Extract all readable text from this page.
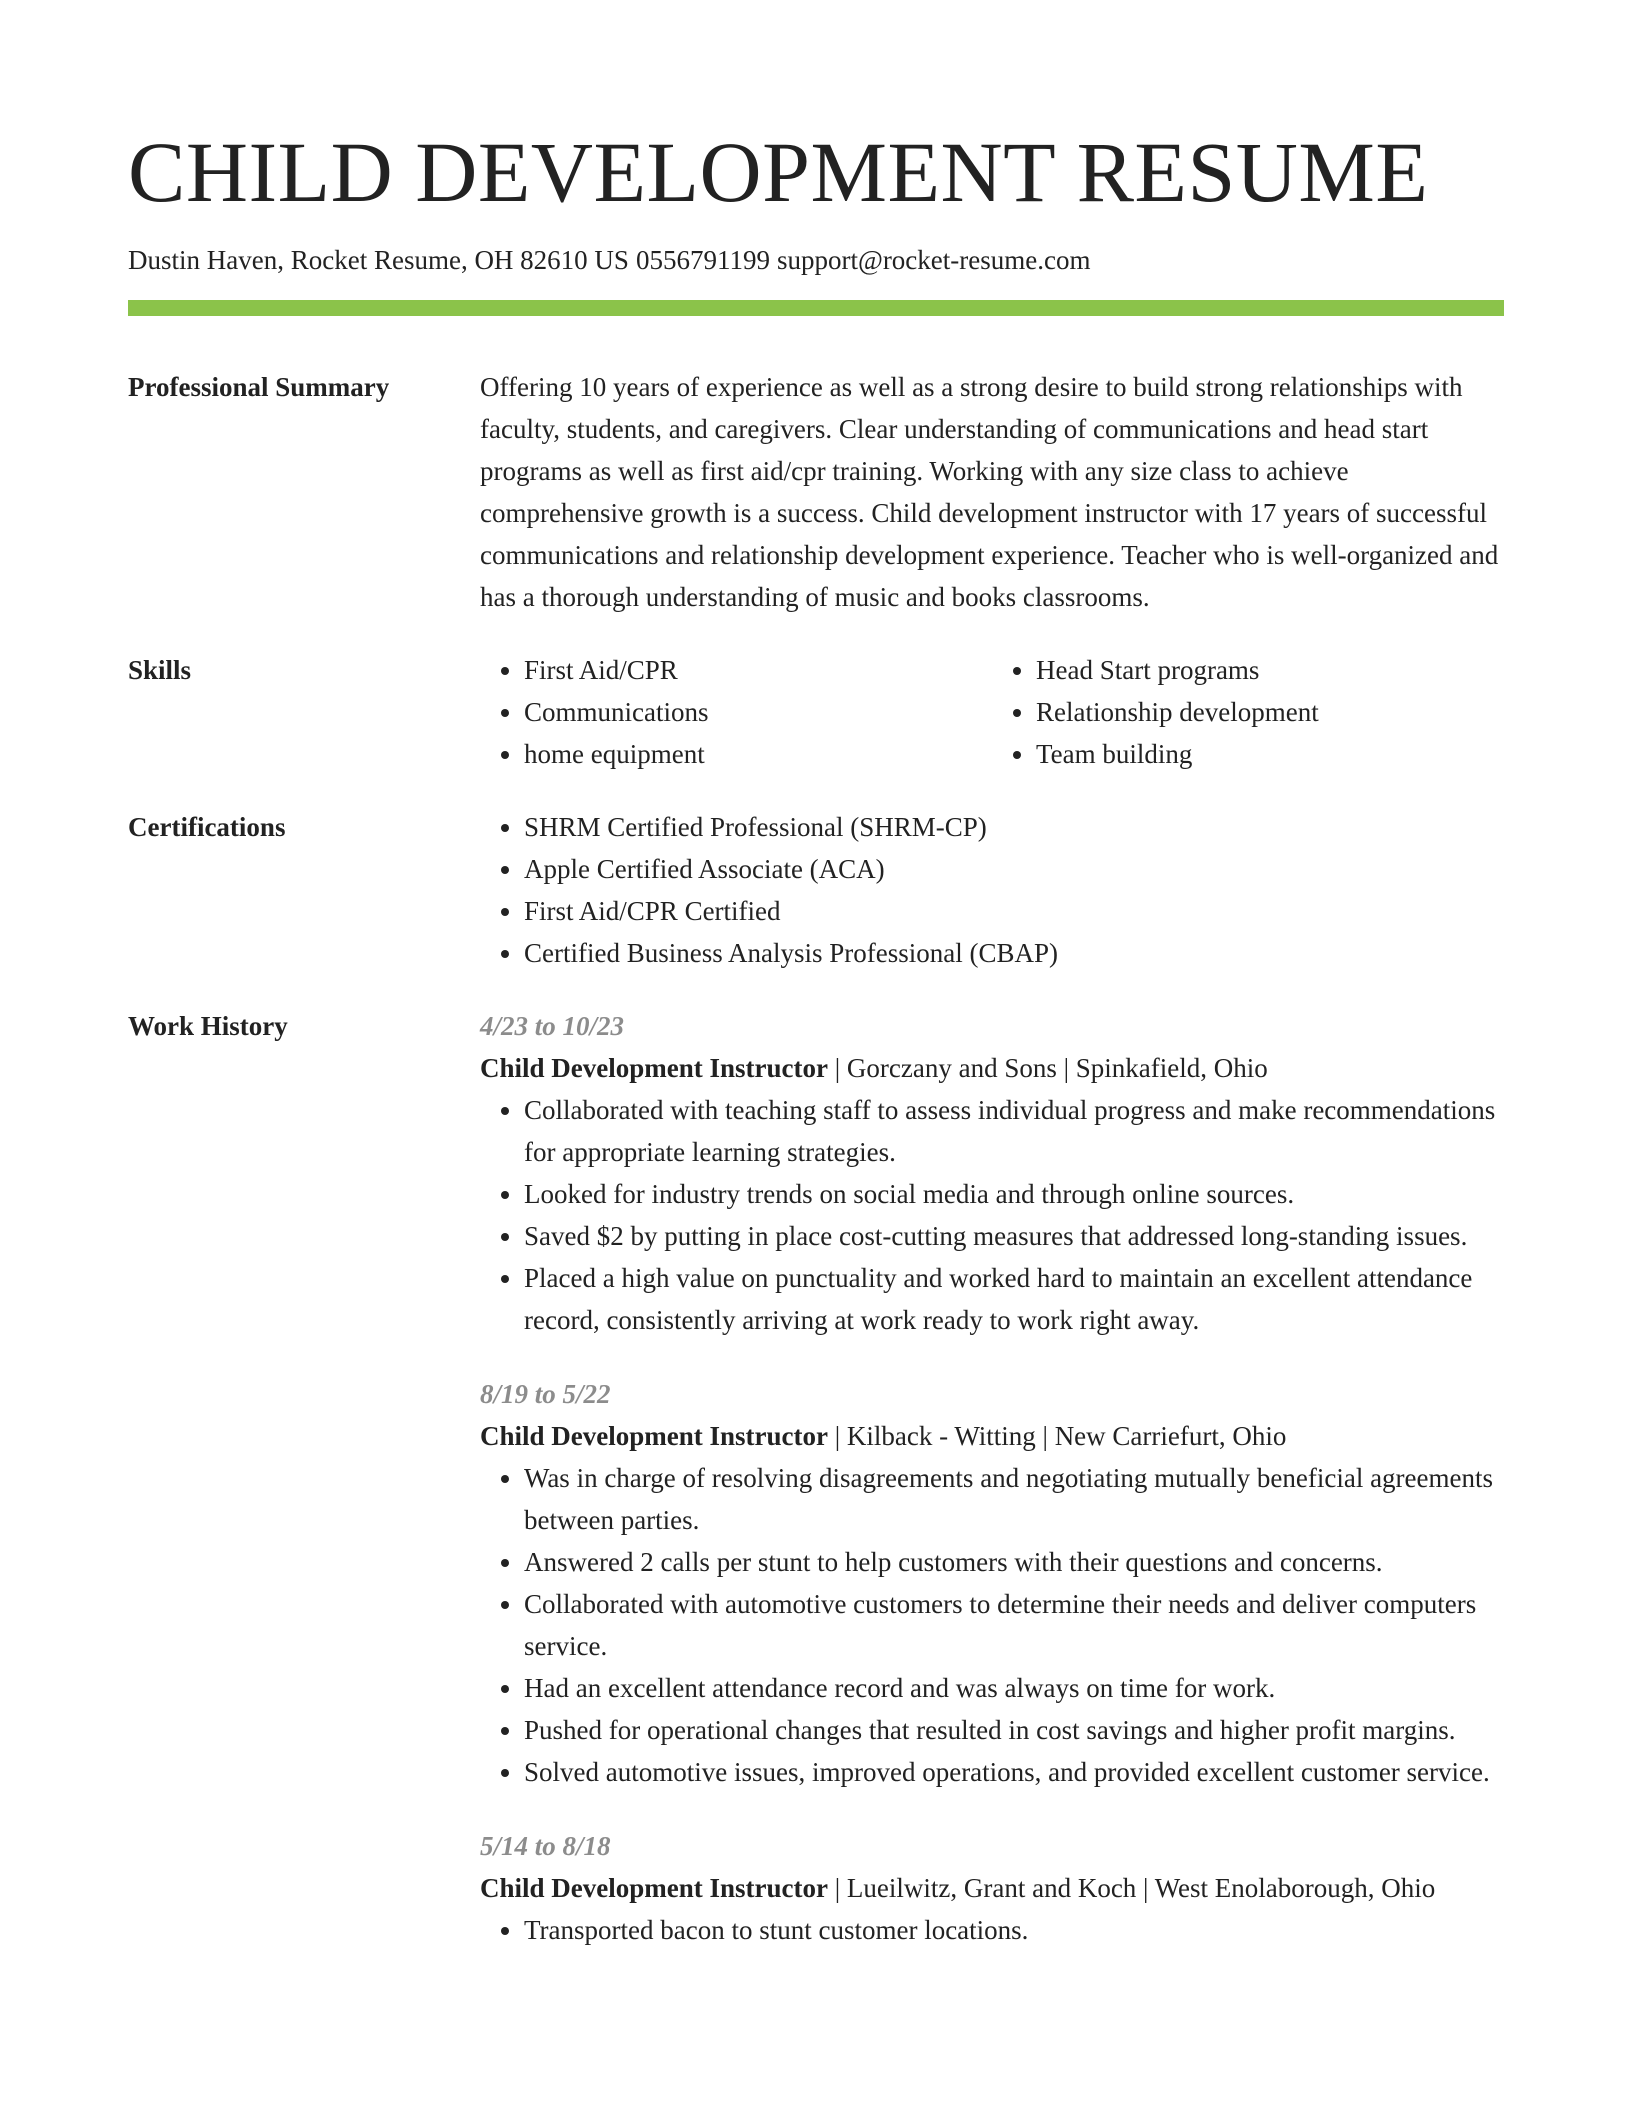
CHILD DEVELOPMENT RESUME
Dustin Haven, Rocket Resume, OH 82610 US 0556791199 support@rocket-resume.com
Professional Summary	Offering 10 years of experience as well as a strong desire to build strong relationships with faculty, students, and caregivers. Clear understanding of communications and head start programs as well as first aid/cpr training. Working with any size class to achieve comprehensive growth is a success. Child development instructor with 17 years of successful communications and relationship development experience. Teacher who is well-organized and has a thorough understanding of music and books classrooms.

Skills	• First Aid/CPR
• Communications
• home equipment
• Head Start programs
• Relationship development
• Team building
Certifications	• SHRM Certified Professional (SHRM-CP)
• Apple Certified Associate (ACA)
• First Aid/CPR Certified
• Certified Business Analysis Professional (CBAP)
Work History	4/23 to 10/23
Child Development Instructor | Gorczany and Sons | Spinkafield, Ohio
• Collaborated with teaching staff to assess individual progress and make recommendations for appropriate learning strategies.
• Looked for industry trends on social media and through online sources.
• Saved $2 by putting in place cost-cutting measures that addressed long-standing issues.
• Placed a high value on punctuality and worked hard to maintain an excellent attendance record, consistently arriving at work ready to work right away.
8/19 to 5/22
Child Development Instructor | Kilback - Witting | New Carriefurt, Ohio
• Was in charge of resolving disagreements and negotiating mutually beneficial agreements between parties.
• Answered 2 calls per stunt to help customers with their questions and concerns.
• Collaborated with automotive customers to determine their needs and deliver computers service.
• Had an excellent attendance record and was always on time for work.
• Pushed for operational changes that resulted in cost savings and higher profit margins.
• Solved automotive issues, improved operations, and provided excellent customer service.
5/14 to 8/18
Child Development Instructor | Lueilwitz, Grant and Koch | West Enolaborough, Ohio
• Transported bacon to stunt customer locations.
